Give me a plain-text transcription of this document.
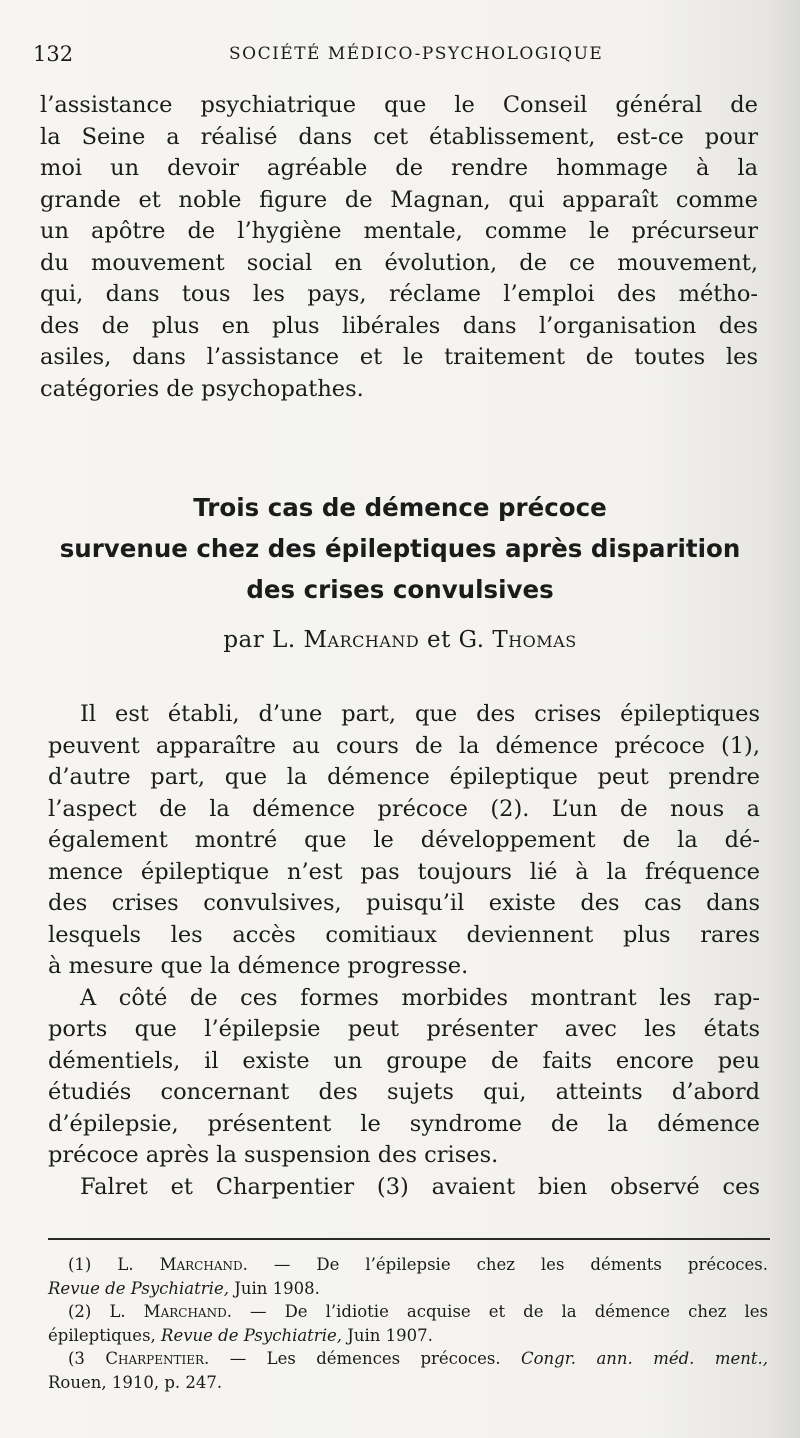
132	SOCIÉTÉ MÉDICO-PSYCHOLOGIQUE
l’assistance psychiatrique que le Conseil général de
la Seine a réalisé dans cet établissement, est-ce pour
moi un devoir agréable de rendre hommage à la
grande et noble figure de Magnan, qui apparaît comme
un apôtre de l’hygiène mentale, comme le précurseur
du mouvement social en évolution, de ce mouvement,
qui, dans tous les pays, réclame l’emploi des métho-
des de plus en plus libérales dans l’organisation des
asiles, dans l’assistance et le traitement de toutes les
catégories de psychopathes.
Trois cas de démence précoce
survenue chez des épileptiques après disparition
des crises convulsives
par L. Marchand et G. Thomas
Il est établi, d’une part, que des crises épileptiques
peuvent apparaître au cours de la démence précoce (1),
d’autre part, que la démence épileptique peut prendre
l’aspect de la démence précoce (2). L’un de nous a
également montré que le développement de la dé-
mence épileptique n’est pas toujours lié à la fréquence
des crises convulsives, puisqu’il existe des cas dans
lesquels les accès comitiaux deviennent plus rares
à mesure que la démence progresse.
A côté de ces formes morbides montrant les rap-
ports que l’épilepsie peut présenter avec les états
démentiels, il existe un groupe de faits encore peu
étudiés concernant des sujets qui, atteints d’abord
d’épilepsie, présentent le syndrome de la démence
précoce après la suspension des crises.
Falret et Charpentier (3) avaient bien observé ces
(1) L. Marchand. — De l’épilepsie chez les déments précoces.
Revue de Psychiatrie, Juin 1908.
(2) L. Marchand. — De l’idiotie acquise et de la démence chez les
épileptiques, Revue de Psychiatrie, Juin 1907.
(3 Charpentier. — Les démences précoces. Congr. ann. méd. ment.,
Rouen, 1910, p. 247.
